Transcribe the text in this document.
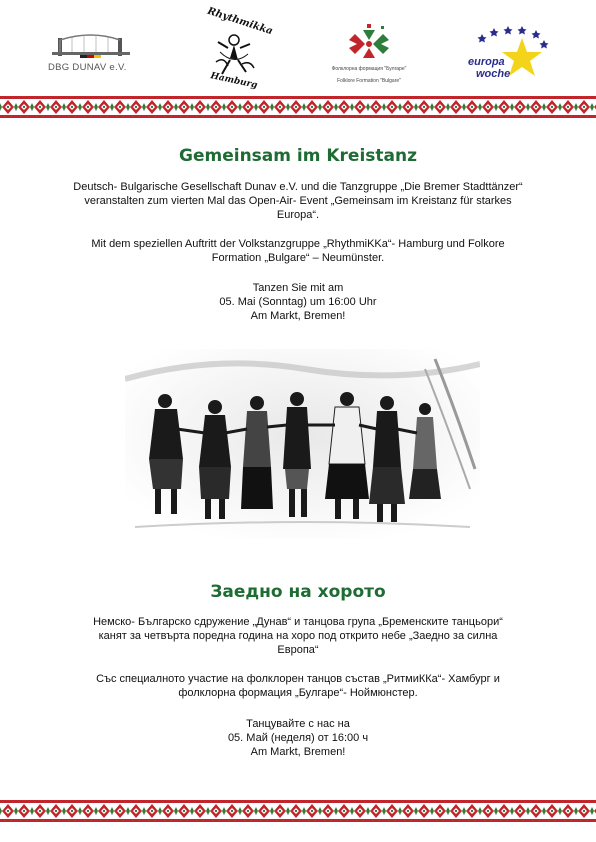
DBG DUNAV e.V.
Rhythmikka
Hamburg
Фолклорна формация "Булгаре"
Folklore Formation "Bulgare"
europa
woche
Gemeinsam im Kreistanz
Deutsch- Bulgarische Gesellschaft Dunav e.V. und die Tanzgruppe „Die Bremer Stadttänzer“
veranstalten zum vierten Mal das Open-Air- Event „Gemeinsam im Kreistanz für starkes
Europa“.
Mit dem speziellen Auftritt der Volkstanzgruppe „RhythmiKKa“- Hamburg und Folkore
Formation „Bulgare“ – Neumünster.
Tanzen Sie mit am
05. Mai (Sonntag) um 16:00 Uhr
Am Markt, Bremen!
Заедно на хорото
Немско- Българско сдружение „Дунав“ и танцова група „Бременските танцьори“
канят за четвърта поредна година на хоро под открито небе „Заедно за силна
Европа“
Със специалното участие на фолклорен танцов състав „РитмиККа“- Хамбург и
фолклорна формация „Булгаре“- Ноймюнстер.
Танцувайте с нас на
05. Май (неделя) от 16:00 ч
Am Markt, Bremen!
